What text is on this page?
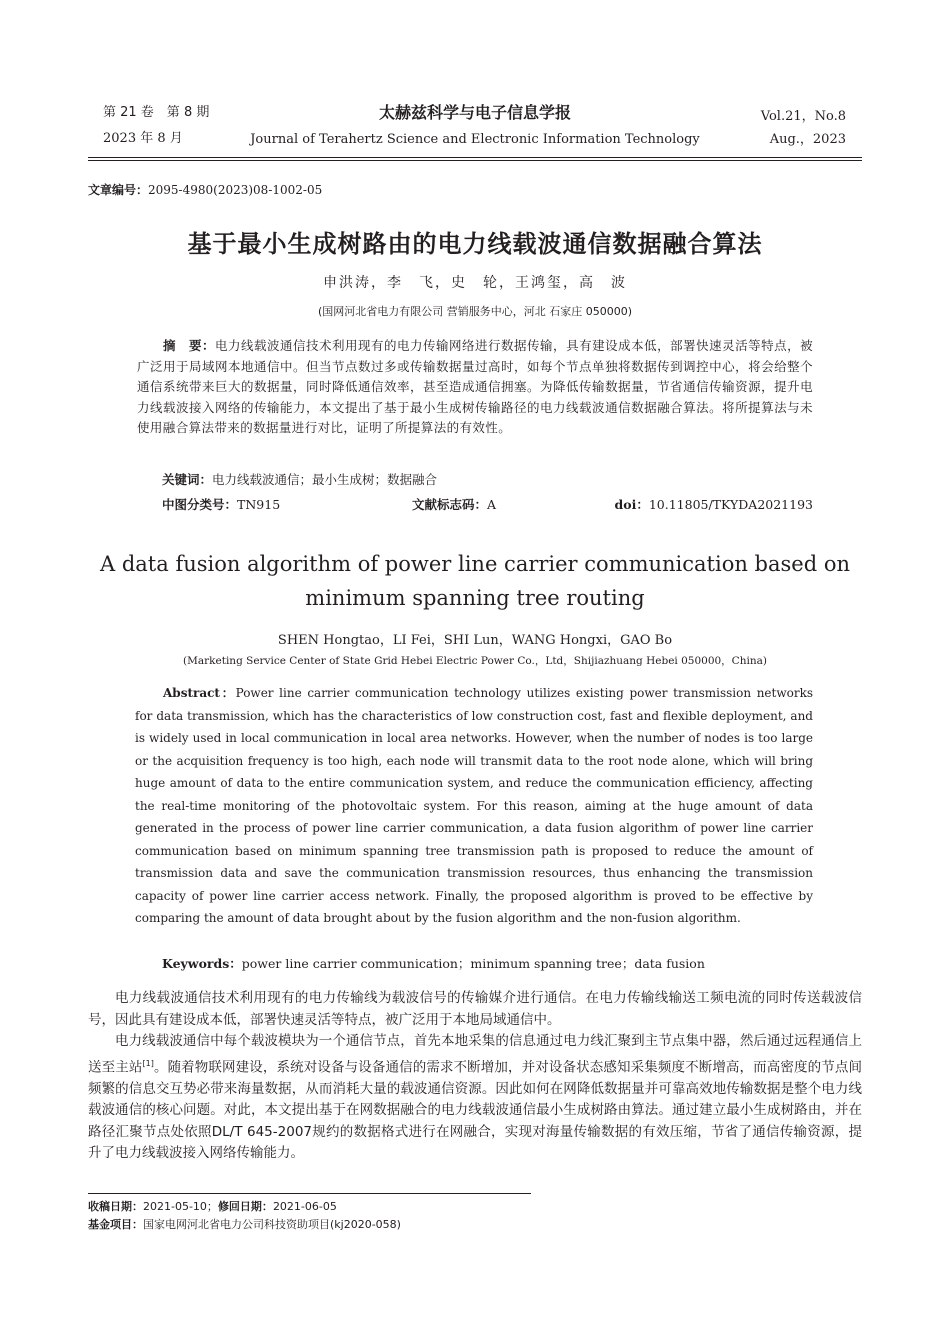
第 21 卷　第 8 期
2023 年 8 月
太赫兹科学与电子信息学报
Journal of Terahertz Science and Electronic Information Technology
Vol.21，No.8
Aug.，2023
文章编号：2095-4980(2023)08-1002-05
基于最小生成树路由的电力线载波通信数据融合算法
申洪涛，李　飞，史　轮，王鸿玺，高　波
(国网河北省电力有限公司 营销服务中心，河北 石家庄 050000)
摘　要：电力线载波通信技术利用现有的电力传输网络进行数据传输，具有建设成本低，部署快速灵活等特点，被广泛用于局域网本地通信中。但当节点数过多或传输数据量过高时，如每个节点单独将数据传到调控中心，将会给整个通信系统带来巨大的数据量，同时降低通信效率，甚至造成通信拥塞。为降低传输数据量，节省通信传输资源，提升电力线载波接入网络的传输能力，本文提出了基于最小生成树传输路径的电力线载波通信数据融合算法。将所提算法与未使用融合算法带来的数据量进行对比，证明了所提算法的有效性。
关键词：电力线载波通信；最小生成树；数据融合
中图分类号：TN915	文献标志码：A	doi：10.11805/TKYDA2021193
A data fusion algorithm of power line carrier communication based on minimum spanning tree routing
SHEN Hongtao，LI Fei，SHI Lun，WANG Hongxi，GAO Bo
(Marketing Service Center of State Grid Hebei Electric Power Co.，Ltd，Shijiazhuang Hebei 050000，China)
Abstract：Power line carrier communication technology utilizes existing power transmission networks for data transmission, which has the characteristics of low construction cost, fast and flexible deployment, and is widely used in local communication in local area networks. However, when the number of nodes is too large or the acquisition frequency is too high, each node will transmit data to the root node alone, which will bring huge amount of data to the entire communication system, and reduce the communication efficiency, affecting the real-time monitoring of the photovoltaic system. For this reason, aiming at the huge amount of data generated in the process of power line carrier communication, a data fusion algorithm of power line carrier communication based on minimum spanning tree transmission path is proposed to reduce the amount of transmission data and save the communication transmission resources, thus enhancing the transmission capacity of power line carrier access network. Finally, the proposed algorithm is proved to be effective by comparing the amount of data brought about by the fusion algorithm and the non-fusion algorithm.
Keywords：power line carrier communication；minimum spanning tree；data fusion

电力线载波通信技术利用现有的电力传输线为载波信号的传输媒介进行通信。在电力传输线输送工频电流的同时传送载波信号，因此具有建设成本低，部署快速灵活等特点，被广泛用于本地局域通信中。

电力线载波通信中每个载波模块为一个通信节点，首先本地采集的信息通过电力线汇聚到主节点集中器，然后通过远程通信上送至主站[1]。随着物联网建设，系统对设备与设备通信的需求不断增加，并对设备状态感知采集频度不断增高，而高密度的节点间频繁的信息交互势必带来海量数据，从而消耗大量的载波通信资源。因此如何在网降低数据量并可靠高效地传输数据是整个电力线载波通信的核心问题。对此，本文提出基于在网数据融合的电力线载波通信最小生成树路由算法。通过建立最小生成树路由，并在路径汇聚节点处依照DL/T 645-2007规约的数据格式进行在网融合，实现对海量传输数据的有效压缩，节省了通信传输资源，提升了电力线载波接入网络传输能力。

收稿日期：2021-05-10；修回日期：2021-06-05
基金项目：国家电网河北省电力公司科技资助项目(kj2020-058)
